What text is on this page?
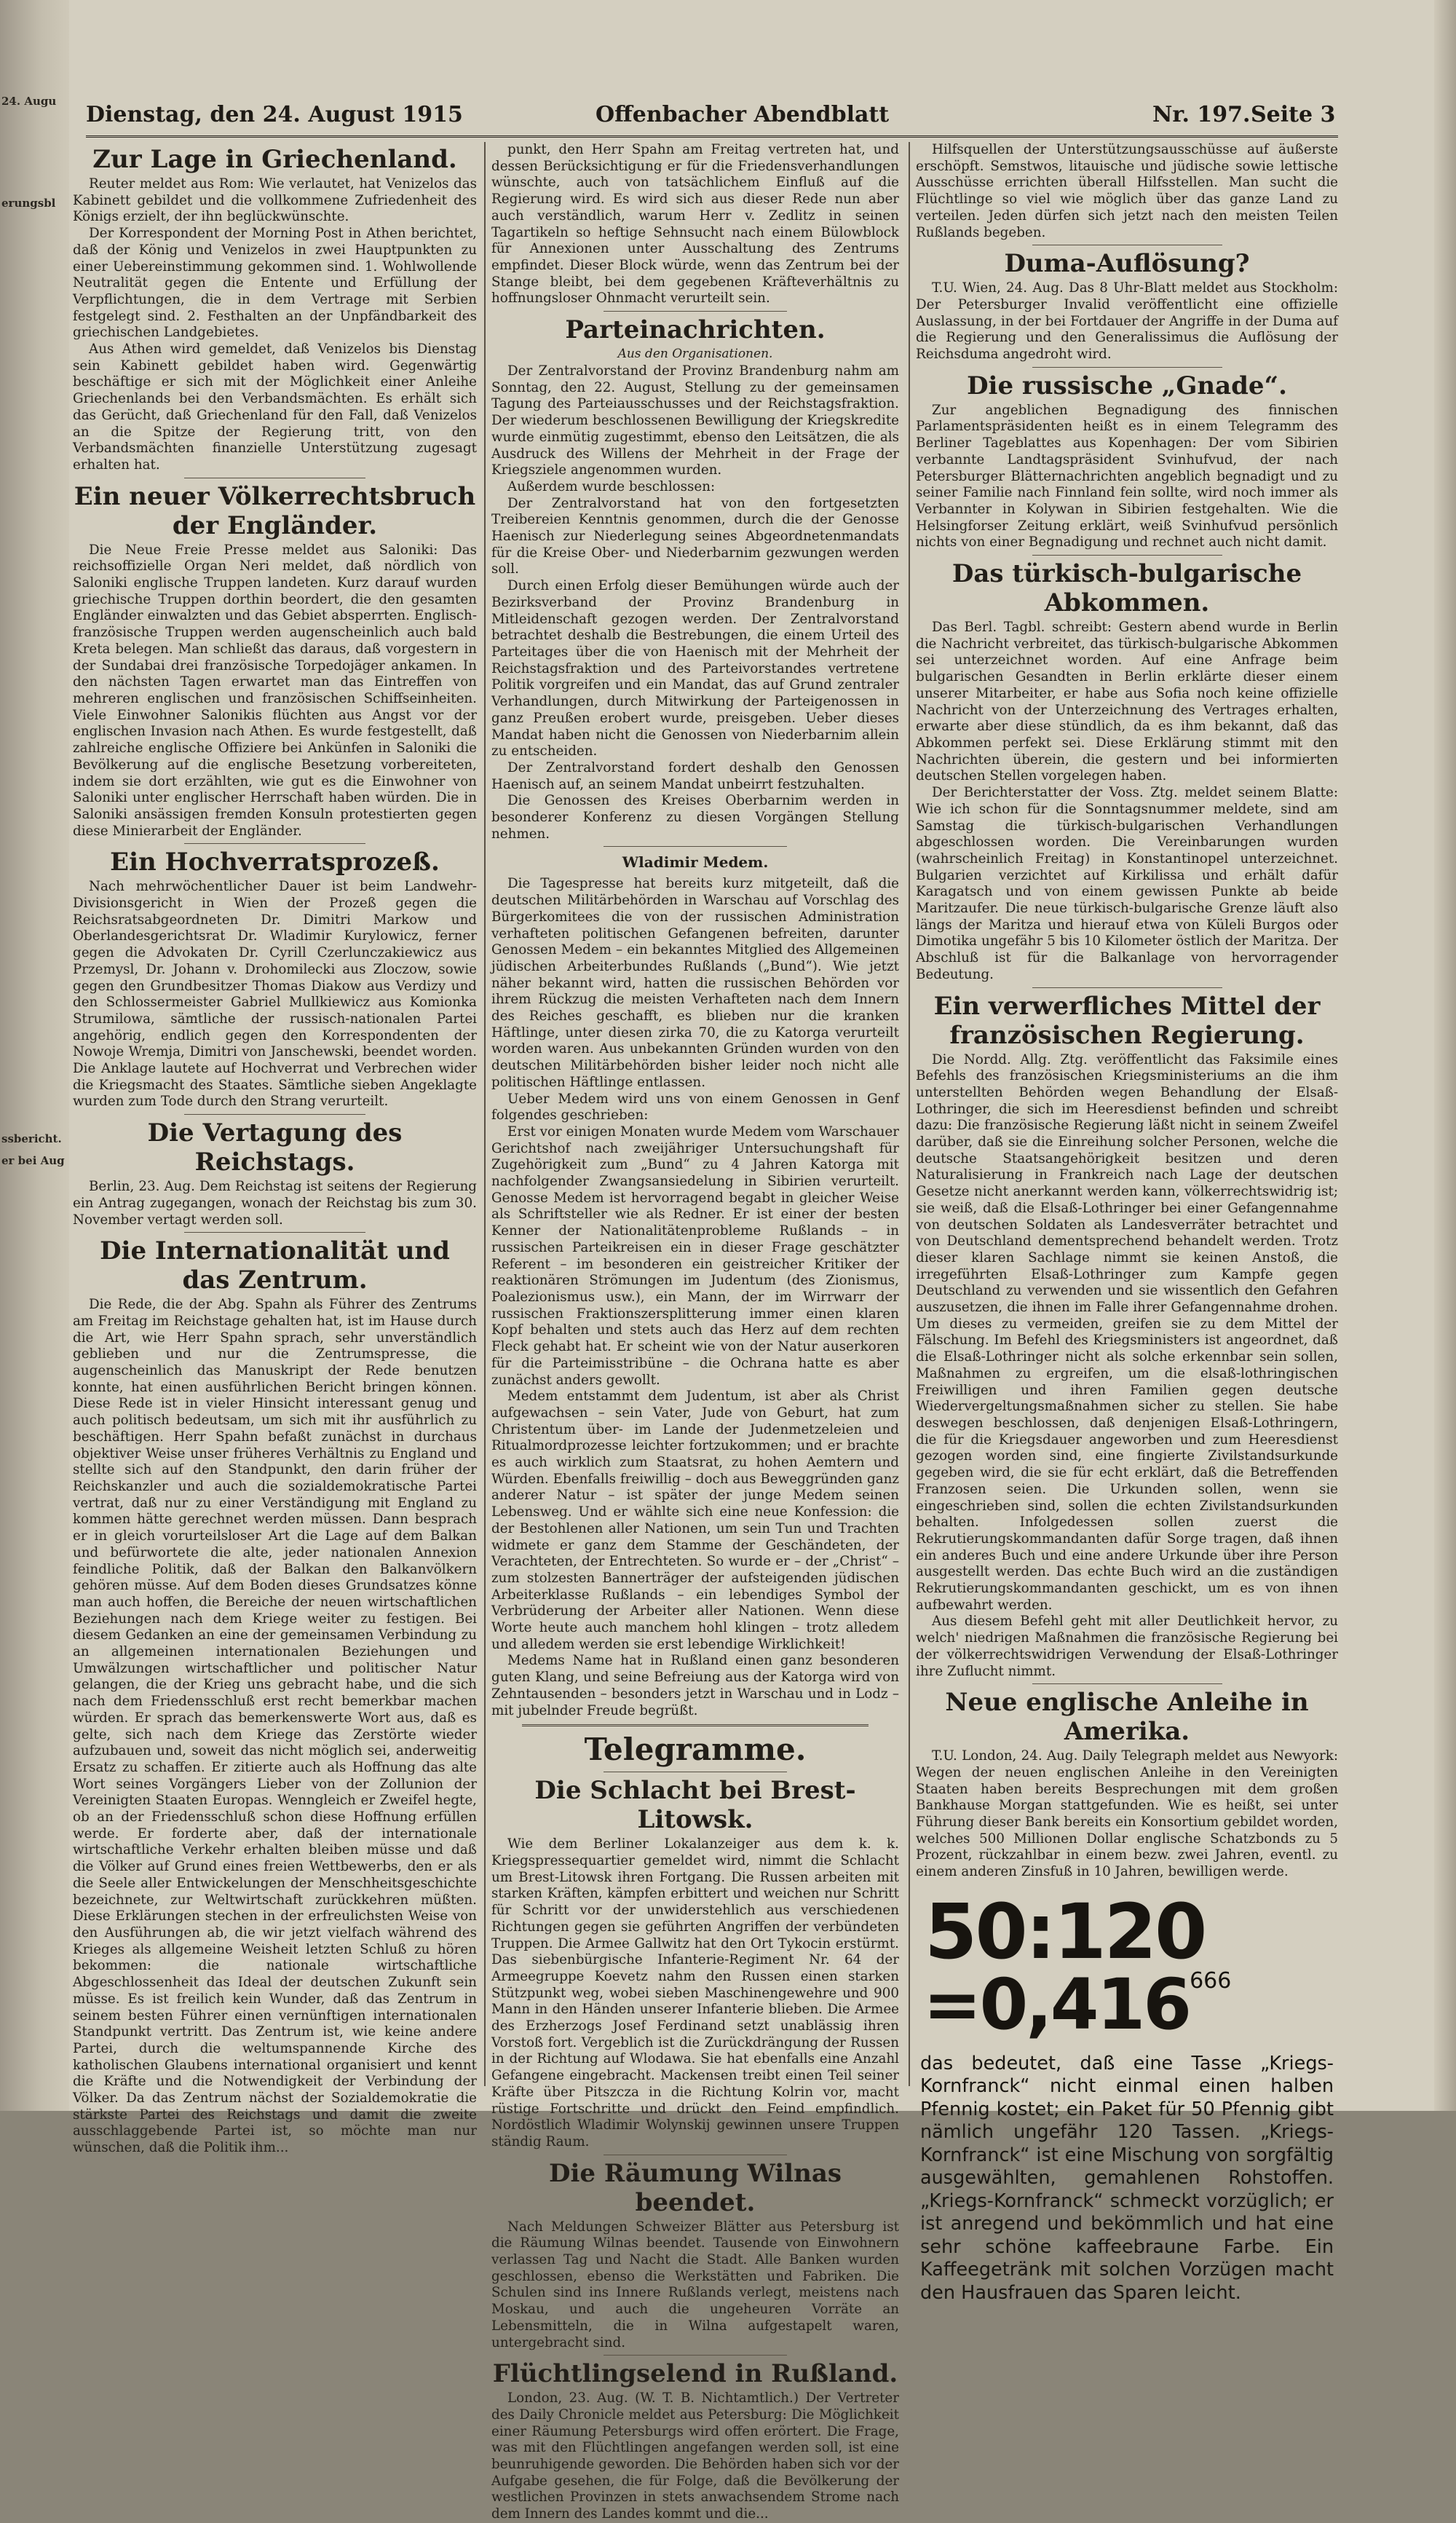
24. Augu
erungsbl
ssbericht.
er bei Aug
Dienstag, den 24. August 1915	Offenbacher Abendblatt	Nr. 197. Seite 3
Zur Lage in Griechenland.

Reuter meldet aus Rom: Wie verlautet, hat Venizelos das Kabinett gebildet und die vollkommene Zufriedenheit des Königs erzielt, der ihn beglückwünschte.

Der Korrespondent der Morning Post in Athen berichtet, daß der König und Venizelos in zwei Hauptpunkten zu einer Uebereinstimmung gekommen sind. 1. Wohlwollende Neutralität gegen die Entente und Erfüllung der Verpflichtungen, die in dem Vertrage mit Serbien festgelegt sind. 2. Festhalten an der Unpfändbarkeit des griechischen Landgebietes.

Aus Athen wird gemeldet, daß Venizelos bis Dienstag sein Kabinett gebildet haben wird. Gegenwärtig beschäftige er sich mit der Möglichkeit einer Anleihe Griechenlands bei den Verbandsmächten. Es erhält sich das Gerücht, daß Griechenland für den Fall, daß Venizelos an die Spitze der Regierung tritt, von den Verbandsmächten finanzielle Unterstützung zugesagt erhalten hat.

Ein neuer Völkerrechtsbruch der Engländer.

Die Neue Freie Presse meldet aus Saloniki: Das reichsoffizielle Organ Neri meldet, daß nördlich von Saloniki englische Truppen landeten. Kurz darauf wurden griechische Truppen dorthin beordert, die den gesamten Engländer einwalzten und das Gebiet absperrten. Englisch-französische Truppen werden augenscheinlich auch bald Kreta belegen. Man schließt das daraus, daß vorgestern in der Sundabai drei französische Torpedojäger ankamen. In den nächsten Tagen erwartet man das Eintreffen von mehreren englischen und französischen Schiffseinheiten. Viele Einwohner Salonikis flüchten aus Angst vor der englischen Invasion nach Athen. Es wurde festgestellt, daß zahlreiche englische Offiziere bei Ankünfen in Saloniki die Bevölkerung auf die englische Besetzung vorbereiteten, indem sie dort erzählten, wie gut es die Einwohner von Saloniki unter englischer Herrschaft haben würden. Die in Saloniki ansässigen fremden Konsuln protestierten gegen diese Minierarbeit der Engländer.

Ein Hochverratsprozeß.

Nach mehrwöchentlicher Dauer ist beim Landwehr-Divisionsgericht in Wien der Prozeß gegen die Reichsratsabgeordneten Dr. Dimitri Markow und Oberlandesgerichtsrat Dr. Wladimir Kurylowicz, ferner gegen die Advokaten Dr. Cyrill Czerlunczakiewicz aus Przemysl, Dr. Johann v. Drohomilecki aus Zloczow, sowie gegen den Grundbesitzer Thomas Diakow aus Verdizy und den Schlossermeister Gabriel Mullkiewicz aus Komionka Strumilowa, sämtliche der russisch-nationalen Partei angehörig, endlich gegen den Korrespondenten der Nowoje Wremja, Dimitri von Janschewski, beendet worden. Die Anklage lautete auf Hochverrat und Verbrechen wider die Kriegsmacht des Staates. Sämtliche sieben Angeklagte wurden zum Tode durch den Strang verurteilt.

Die Vertagung des Reichstags.

Berlin, 23. Aug. Dem Reichstag ist seitens der Regierung ein Antrag zugegangen, wonach der Reichstag bis zum 30. November vertagt werden soll.

Die Internationalität und das Zentrum.

Die Rede, die der Abg. Spahn als Führer des Zentrums am Freitag im Reichstage gehalten hat, ist im Hause durch die Art, wie Herr Spahn sprach, sehr unverständlich geblieben und nur die Zentrumspresse, die augenscheinlich das Manuskript der Rede benutzen konnte, hat einen ausführlichen Bericht bringen können. Diese Rede ist in vieler Hinsicht interessant genug und auch politisch bedeutsam, um sich mit ihr ausführlich zu beschäftigen. Herr Spahn befaßt zunächst in durchaus objektiver Weise unser früheres Verhältnis zu England und stellte sich auf den Standpunkt, den darin früher der Reichskanzler und auch die sozialdemokratische Partei vertrat, daß nur zu einer Verständigung mit England zu kommen hätte gerechnet werden müssen. Dann besprach er in gleich vorurteilsloser Art die Lage auf dem Balkan und befürwortete die alte, jeder nationalen Annexion feindliche Politik, daß der Balkan den Balkanvölkern gehören müsse. Auf dem Boden dieses Grundsatzes könne man auch hoffen, die Bereiche der neuen wirtschaftlichen Beziehungen nach dem Kriege weiter zu festigen. Bei diesem Gedanken an eine der gemeinsamen Verbindung zu an allgemeinen internationalen Beziehungen und Umwälzungen wirtschaftlicher und politischer Natur gelangen, die der Krieg uns gebracht habe, und die sich nach dem Friedensschluß erst recht bemerkbar machen würden. Er sprach das bemerkenswerte Wort aus, daß es gelte, sich nach dem Kriege das Zerstörte wieder aufzubauen und, soweit das nicht möglich sei, anderweitig Ersatz zu schaffen. Er zitierte auch als Hoffnung das alte Wort seines Vorgängers Lieber von der Zollunion der Vereinigten Staaten Europas. Wenngleich er Zweifel hegte, ob an der Friedensschluß schon diese Hoffnung erfüllen werde. Er forderte aber, daß der internationale wirtschaftliche Verkehr erhalten bleiben müsse und daß die Völker auf Grund eines freien Wettbewerbs, den er als die Seele aller Entwickelungen der Menschheitsgeschichte bezeichnete, zur Weltwirtschaft zurückkehren müßten. Diese Erklärungen stechen in der erfreulichsten Weise von den Ausführungen ab, die wir jetzt vielfach während des Krieges als allgemeine Weisheit letzten Schluß zu hören bekommen: die nationale wirtschaftliche Abgeschlossenheit das Ideal der deutschen Zukunft sein müsse. Es ist freilich kein Wunder, daß das Zentrum in seinem besten Führer einen vernünftigen internationalen Standpunkt vertritt. Das Zentrum ist, wie keine andere Partei, durch die weltumspannende Kirche des katholischen Glaubens international organisiert und kennt die Kräfte und die Notwendigkeit der Verbindung der Völker. Da das Zentrum nächst der Sozialdemokratie die stärkste Partei des Reichstags und damit die zweite ausschlaggebende Partei ist, so möchte man nur wünschen, daß die Politik ihm...

punkt, den Herr Spahn am Freitag vertreten hat, und dessen Berücksichtigung er für die Friedensverhandlungen wünschte, auch von tatsächlichem Einfluß auf die Regierung wird. Es wird sich aus dieser Rede nun aber auch verständlich, warum Herr v. Zedlitz in seinen Tagartikeln so heftige Sehnsucht nach einem Bülowblock für Annexionen unter Ausschaltung des Zentrums empfindet. Dieser Block würde, wenn das Zentrum bei der Stange bleibt, bei dem gegebenen Kräfteverhältnis zu hoffnungsloser Ohnmacht verurteilt sein.

Parteinachrichten.
Aus den Organisationen.

Der Zentralvorstand der Provinz Brandenburg nahm am Sonntag, den 22. August, Stellung zu der gemeinsamen Tagung des Parteiausschusses und der Reichstagsfraktion. Der wiederum beschlossenen Bewilligung der Kriegskredite wurde einmütig zugestimmt, ebenso den Leitsätzen, die als Ausdruck des Willens der Mehrheit in der Frage der Kriegsziele angenommen wurden.

Außerdem wurde beschlossen:

Der Zentralvorstand hat von den fortgesetzten Treibereien Kenntnis genommen, durch die der Genosse Haenisch zur Niederlegung seines Abgeordnetenmandats für die Kreise Ober- und Niederbarnim gezwungen werden soll.

Durch einen Erfolg dieser Bemühungen würde auch der Bezirksverband der Provinz Brandenburg in Mitleidenschaft gezogen werden. Der Zentralvorstand betrachtet deshalb die Bestrebungen, die einem Urteil des Parteitages über die von Haenisch mit der Mehrheit der Reichstagsfraktion und des Parteivorstandes vertretene Politik vorgreifen und ein Mandat, das auf Grund zentraler Verhandlungen, durch Mitwirkung der Parteigenossen in ganz Preußen erobert wurde, preisgeben. Ueber dieses Mandat haben nicht die Genossen von Niederbarnim allein zu entscheiden.

Der Zentralvorstand fordert deshalb den Genossen Haenisch auf, an seinem Mandat unbeirrt festzuhalten.

Die Genossen des Kreises Oberbarnim werden in besonderer Konferenz zu diesen Vorgängen Stellung nehmen.

Wladimir Medem.

Die Tagespresse hat bereits kurz mitgeteilt, daß die deutschen Militärbehörden in Warschau auf Vorschlag des Bürgerkomitees die von der russischen Administration verhafteten politischen Gefangenen befreiten, darunter Genossen Medem – ein bekanntes Mitglied des Allgemeinen jüdischen Arbeiterbundes Rußlands („Bund“). Wie jetzt näher bekannt wird, hatten die russischen Behörden vor ihrem Rückzug die meisten Verhafteten nach dem Innern des Reiches geschafft, es blieben nur die kranken Häftlinge, unter diesen zirka 70, die zu Katorga verurteilt worden waren. Aus unbekannten Gründen wurden von den deutschen Militärbehörden bisher leider noch nicht alle politischen Häftlinge entlassen.

Ueber Medem wird uns von einem Genossen in Genf folgendes geschrieben:

Erst vor einigen Monaten wurde Medem vom Warschauer Gerichtshof nach zweijähriger Untersuchungshaft für Zugehörigkeit zum „Bund“ zu 4 Jahren Katorga mit nachfolgender Zwangsansiedelung in Sibirien verurteilt. Genosse Medem ist hervorragend begabt in gleicher Weise als Schriftsteller wie als Redner. Er ist einer der besten Kenner der Nationalitätenprobleme Rußlands – in russischen Parteikreisen ein in dieser Frage geschätzter Referent – im besonderen ein geistreicher Kritiker der reaktionären Strömungen im Judentum (des Zionismus, Poalezionismus usw.), ein Mann, der im Wirrwarr der russischen Fraktionszersplitterung immer einen klaren Kopf behalten und stets auch das Herz auf dem rechten Fleck gehabt hat. Er scheint wie von der Natur auserkoren für die Parteimisstribüne – die Ochrana hatte es aber zunächst anders gewollt.

Medem entstammt dem Judentum, ist aber als Christ aufgewachsen – sein Vater, Jude von Geburt, hat zum Christentum über- im Lande der Judenmetzeleien und Ritualmordprozesse leichter fortzukommen; und er brachte es auch wirklich zum Staatsrat, zu hohen Aemtern und Würden. Ebenfalls freiwillig – doch aus Beweggründen ganz anderer Natur – ist später der junge Medem seinen Lebensweg. Und er wählte sich eine neue Konfession: die der Bestohlenen aller Nationen, um sein Tun und Trachten widmete er ganz dem Stamme der Geschändeten, der Verachteten, der Entrechteten. So wurde er – der „Christ“ – zum stolzesten Bannerträger der aufsteigenden jüdischen Arbeiterklasse Rußlands – ein lebendiges Symbol der Verbrüderung der Arbeiter aller Nationen. Wenn diese Worte heute auch manchem hohl klingen – trotz alledem und alledem werden sie erst lebendige Wirklichkeit!

Medems Name hat in Rußland einen ganz besonderen guten Klang, und seine Befreiung aus der Katorga wird von Zehntausenden – besonders jetzt in Warschau und in Lodz – mit jubelnder Freude begrüßt.

Telegramme.
Die Schlacht bei Brest-Litowsk.

Wie dem Berliner Lokalanzeiger aus dem k. k. Kriegspressequartier gemeldet wird, nimmt die Schlacht um Brest-Litowsk ihren Fortgang. Die Russen arbeiten mit starken Kräften, kämpfen erbittert und weichen nur Schritt für Schritt vor der unwiderstehlich aus verschiedenen Richtungen gegen sie geführten Angriffen der verbündeten Truppen. Die Armee Gallwitz hat den Ort Tykocin erstürmt. Das siebenbürgische Infanterie-Regiment Nr. 64 der Armeegruppe Koevetz nahm den Russen einen starken Stützpunkt weg, wobei sieben Maschinengewehre und 900 Mann in den Händen unserer Infanterie blieben. Die Armee des Erzherzogs Josef Ferdinand setzt unablässig ihren Vorstoß fort. Vergeblich ist die Zurückdrängung der Russen in der Richtung auf Wlodawa. Sie hat ebenfalls eine Anzahl Gefangene eingebracht. Mackensen treibt einen Teil seiner Kräfte über Pitszcza in die Richtung Kolrin vor, macht rüstige Fortschritte und drückt den Feind empfindlich. Nordöstlich Wladimir Wolynskij gewinnen unsere Truppen ständig Raum.

Die Räumung Wilnas beendet.

Nach Meldungen Schweizer Blätter aus Petersburg ist die Räumung Wilnas beendet. Tausende von Einwohnern verlassen Tag und Nacht die Stadt. Alle Banken wurden geschlossen, ebenso die Werkstätten und Fabriken. Die Schulen sind ins Innere Rußlands verlegt, meistens nach Moskau, und auch die ungeheuren Vorräte an Lebensmitteln, die in Wilna aufgestapelt waren, untergebracht sind.

Flüchtlingselend in Rußland.

London, 23. Aug. (W. T. B. Nichtamtlich.) Der Vertreter des Daily Chronicle meldet aus Petersburg: Die Möglichkeit einer Räumung Petersburgs wird offen erörtert. Die Frage, was mit den Flüchtlingen angefangen werden soll, ist eine beunruhigende geworden. Die Behörden haben sich vor der Aufgabe gesehen, die für Folge, daß die Bevölkerung der westlichen Provinzen in stets anwachsendem Strome nach dem Innern des Landes kommt und die...

Hilfsquellen der Unterstützungsausschüsse auf äußerste erschöpft. Semstwos, litauische und jüdische sowie lettische Ausschüsse errichten überall Hilfsstellen. Man sucht die Flüchtlinge so viel wie möglich über das ganze Land zu verteilen. Jeden dürfen sich jetzt nach den meisten Teilen Rußlands begeben.

Duma-Auflösung?

T.U. Wien, 24. Aug. Das 8 Uhr-Blatt meldet aus Stockholm: Der Petersburger Invalid veröffentlicht eine offizielle Auslassung, in der bei Fortdauer der Angriffe in der Duma auf die Regierung und den Generalissimus die Auflösung der Reichsduma angedroht wird.

Die russische „Gnade“.

Zur angeblichen Begnadigung des finnischen Parlamentspräsidenten heißt es in einem Telegramm des Berliner Tageblattes aus Kopenhagen: Der vom Sibirien verbannte Landtagspräsident Svinhufvud, der nach Petersburger Blätternachrichten angeblich begnadigt und zu seiner Familie nach Finnland fein sollte, wird noch immer als Verbannter in Kolywan in Sibirien festgehalten. Wie die Helsingforser Zeitung erklärt, weiß Svinhufvud persönlich nichts von einer Begnadigung und rechnet auch nicht damit.

Das türkisch-bulgarische Abkommen.

Das Berl. Tagbl. schreibt: Gestern abend wurde in Berlin die Nachricht verbreitet, das türkisch-bulgarische Abkommen sei unterzeichnet worden. Auf eine Anfrage beim bulgarischen Gesandten in Berlin erklärte dieser einem unserer Mitarbeiter, er habe aus Sofia noch keine offizielle Nachricht von der Unterzeichnung des Vertrages erhalten, erwarte aber diese stündlich, da es ihm bekannt, daß das Abkommen perfekt sei. Diese Erklärung stimmt mit den Nachrichten überein, die gestern und bei informierten deutschen Stellen vorgelegen haben.

Der Berichterstatter der Voss. Ztg. meldet seinem Blatte: Wie ich schon für die Sonntagsnummer meldete, sind am Samstag die türkisch-bulgarischen Verhandlungen abgeschlossen worden. Die Vereinbarungen wurden (wahrscheinlich Freitag) in Konstantinopel unterzeichnet. Bulgarien verzichtet auf Kirkilissa und erhält dafür Karagatsch und von einem gewissen Punkte ab beide Maritzaufer. Die neue türkisch-bulgarische Grenze läuft also längs der Maritza und hierauf etwa von Küleli Burgos oder Dimotika ungefähr 5 bis 10 Kilometer östlich der Maritza. Der Abschluß ist für die Balkanlage von hervorragender Bedeutung.

Ein verwerfliches Mittel der französischen Regierung.

Die Nordd. Allg. Ztg. veröffentlicht das Faksimile eines Befehls des französischen Kriegsministeriums an die ihm unterstellten Behörden wegen Behandlung der Elsaß-Lothringer, die sich im Heeresdienst befinden und schreibt dazu: Die französische Regierung läßt nicht in seinem Zweifel darüber, daß sie die Einreihung solcher Personen, welche die deutsche Staatsangehörigkeit besitzen und deren Naturalisierung in Frankreich nach Lage der deutschen Gesetze nicht anerkannt werden kann, völkerrechtswidrig ist; sie weiß, daß die Elsaß-Lothringer bei einer Gefangennahme von deutschen Soldaten als Landesverräter betrachtet und von Deutschland dementsprechend behandelt werden. Trotz dieser klaren Sachlage nimmt sie keinen Anstoß, die irregeführten Elsaß-Lothringer zum Kampfe gegen Deutschland zu verwenden und sie wissentlich den Gefahren auszusetzen, die ihnen im Falle ihrer Gefangennahme drohen. Um dieses zu vermeiden, greifen sie zu dem Mittel der Fälschung. Im Befehl des Kriegsministers ist angeordnet, daß die Elsaß-Lothringer nicht als solche erkennbar sein sollen, Maßnahmen zu ergreifen, um die elsaß-lothringischen Freiwilligen und ihren Familien gegen deutsche Wiedervergeltungsmaßnahmen sicher zu stellen. Sie habe deswegen beschlossen, daß denjenigen Elsaß-Lothringern, die für die Kriegsdauer angeworben und zum Heeresdienst gezogen worden sind, eine fingierte Zivilstandsurkunde gegeben wird, die sie für echt erklärt, daß die Betreffenden Franzosen seien. Die Urkunden sollen, wenn sie eingeschrieben sind, sollen die echten Zivilstandsurkunden behalten. Infolgedessen sollen zuerst die Rekrutierungskommandanten dafür Sorge tragen, daß ihnen ein anderes Buch und eine andere Urkunde über ihre Person ausgestellt werden. Das echte Buch wird an die zuständigen Rekrutierungskommandanten geschickt, um es von ihnen aufbewahrt werden.

Aus diesem Befehl geht mit aller Deutlichkeit hervor, zu welch' niedrigen Maßnahmen die französische Regierung bei der völkerrechtswidrigen Verwendung der Elsaß-Lothringer ihre Zuflucht nimmt.

Neue englische Anleihe in Amerika.

T.U. London, 24. Aug. Daily Telegraph meldet aus Newyork: Wegen der neuen englischen Anleihe in den Vereinigten Staaten haben bereits Besprechungen mit dem großen Bankhause Morgan stattgefunden. Wie es heißt, sei unter Führung dieser Bank bereits ein Konsortium gebildet worden, welches 500 Millionen Dollar englische Schatzbonds zu 5 Prozent, rückzahlbar in einem bezw. zwei Jahren, eventl. zu einem anderen Zinsfuß in 10 Jahren, bewilligen werde.

50:120
=0,416666
das bedeutet, daß eine Tasse „Kriegs-Kornfranck“ nicht einmal einen halben Pfennig kostet; ein Paket für 50 Pfennig gibt nämlich ungefähr 120 Tassen. „Kriegs-Kornfranck“ ist eine Mischung von sorgfältig ausgewählten, gemahlenen Rohstoffen. „Kriegs-Kornfranck“ schmeckt vorzüglich; er ist anregend und bekömmlich und hat eine sehr schöne kaffeebraune Farbe. Ein Kaffeegetränk mit solchen Vorzügen macht den Hausfrauen das Sparen leicht.
